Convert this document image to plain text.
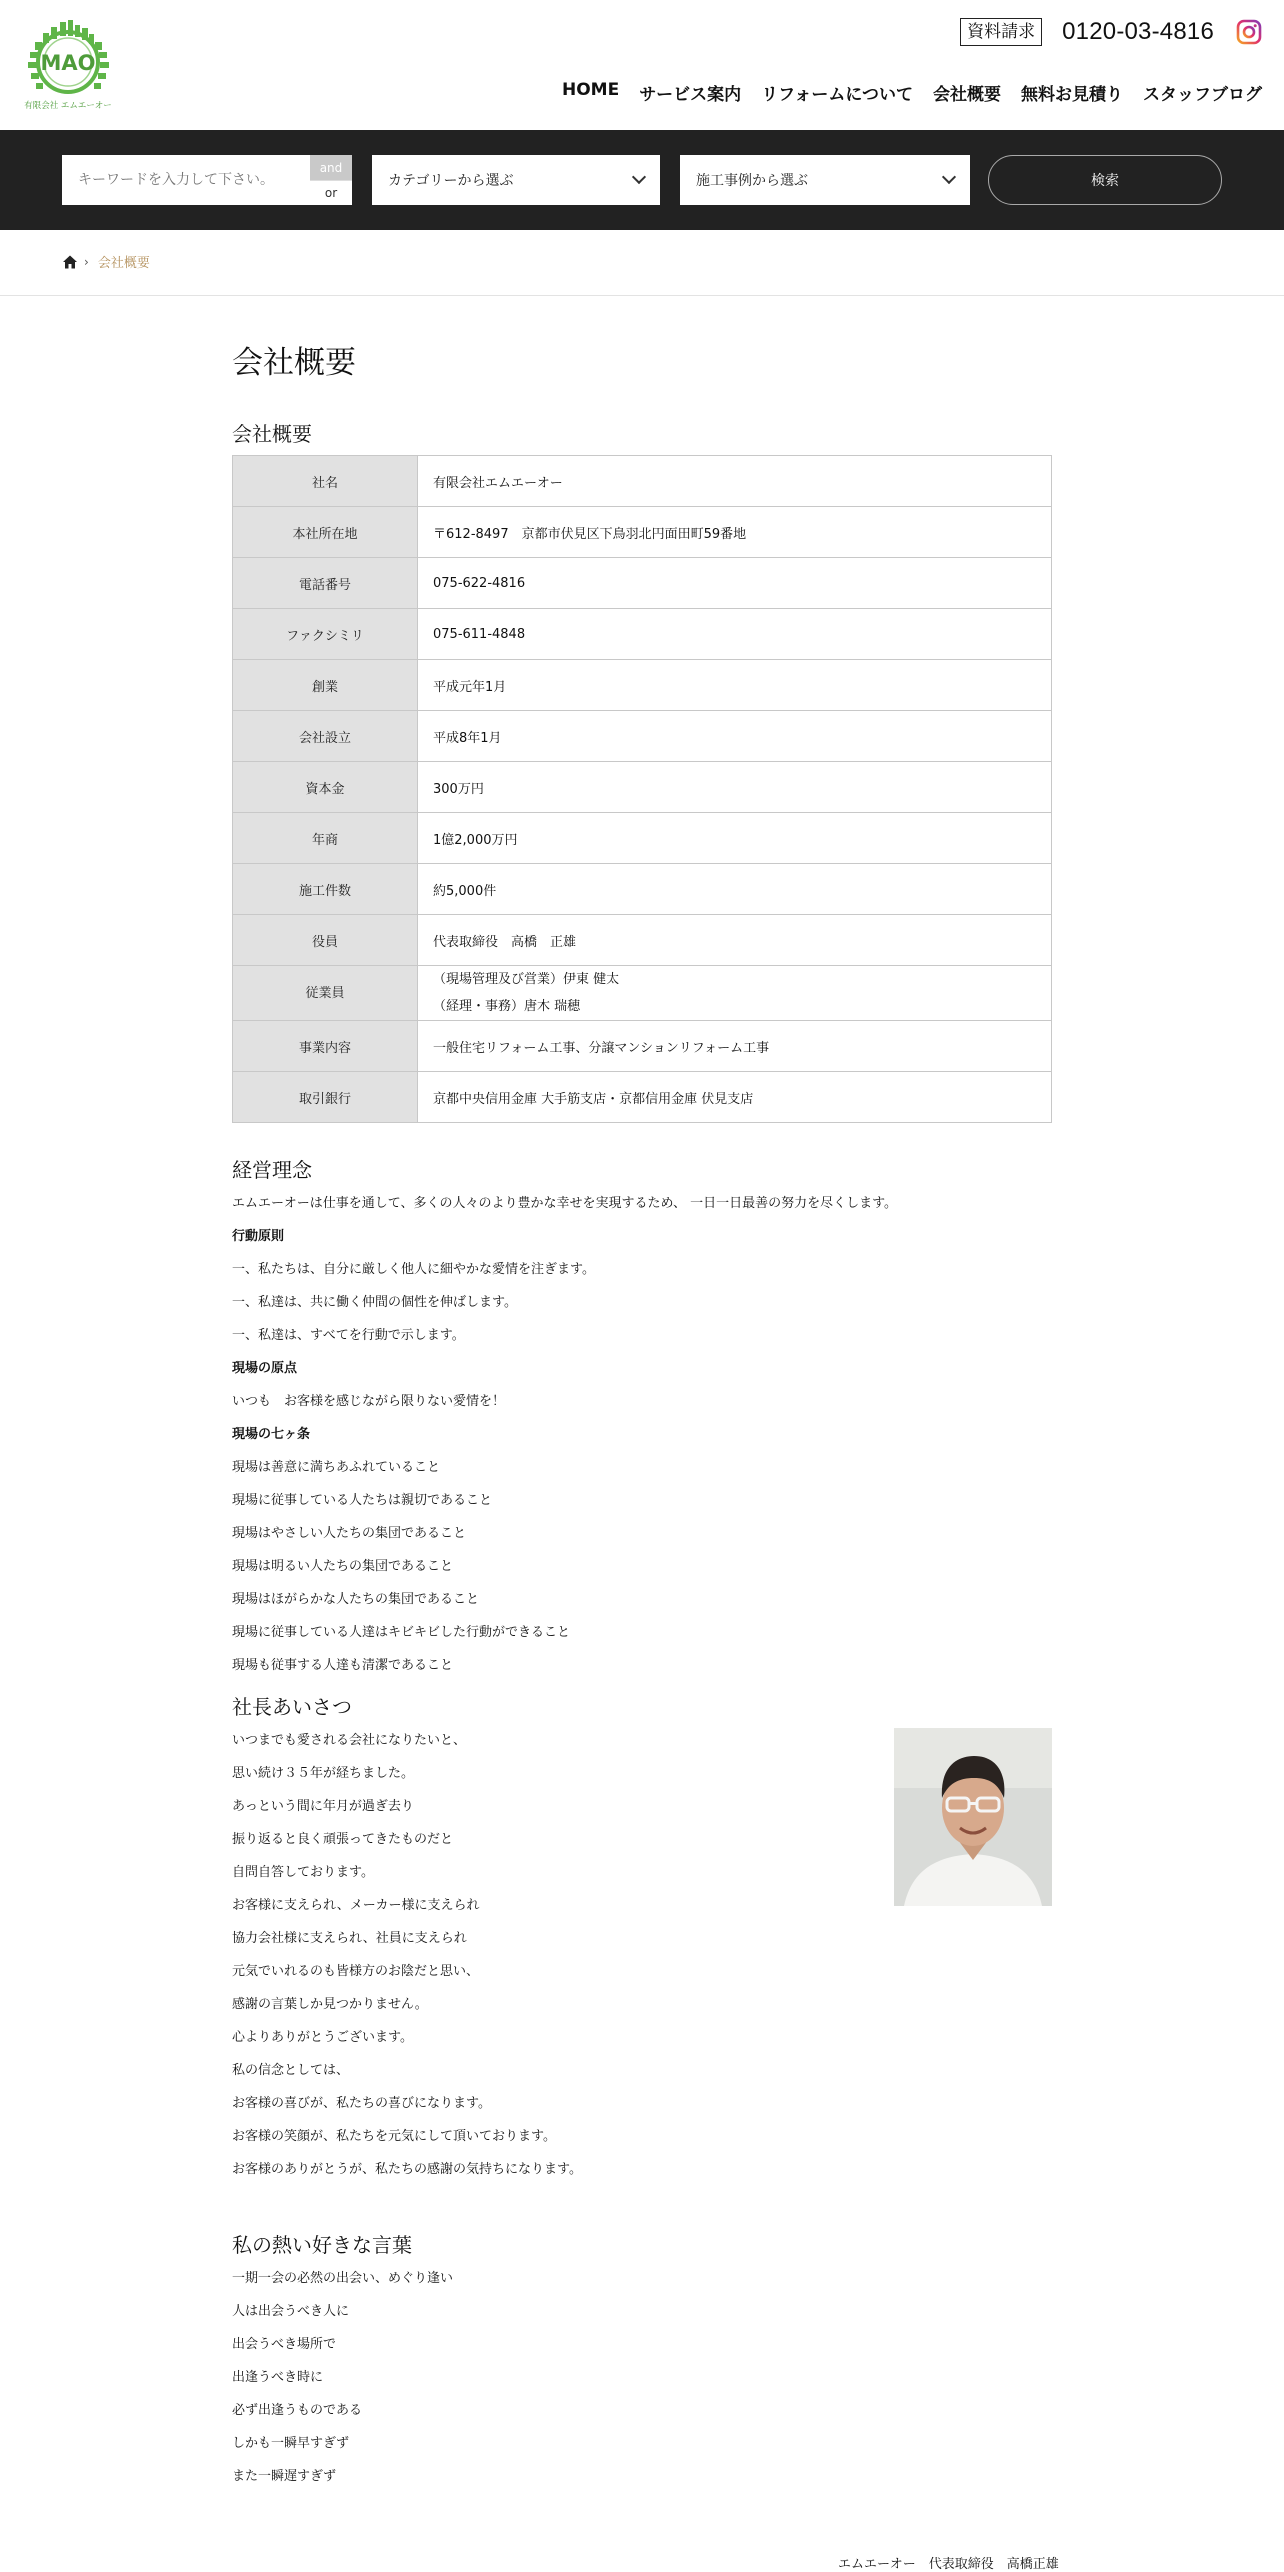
MAO
有限会社 エムエーオー
資料請求 0120-03-4816
HOME サービス案内 リフォームについて 会社概要 無料お見積り スタッフブログ
キーワードを入力して下さい。
and
or
カテゴリーから選ぶ	施工事例から選ぶ	検索
› 会社概要
会社概要
会社概要
社名	有限会社エムエーオー
本社所在地	〒612-8497　京都市伏見区下鳥羽北円面田町59番地
電話番号	075-622-4816
ファクシミリ	075-611-4848
創業	平成元年1月
会社設立	平成8年1月
資本金	300万円
年商	1億2,000万円
施工件数	約5,000件
役員	代表取締役　高橋　正雄
従業員	（現場管理及び営業）伊東 健太
（経理・事務）唐木 瑞穂

事業内容	一般住宅リフォーム工事、分譲マンションリフォーム工事
取引銀行	京都中央信用金庫 大手筋支店・京都信用金庫 伏見支店
経営理念

エムエーオーは仕事を通して、多くの人々のより豊かな幸せを実現するため、 一日一日最善の努力を尽くします。

行動原則

一、私たちは、自分に厳しく他人に細やかな愛情を注ぎます。

一、私達は、共に働く仲間の個性を伸ばします。

一、私達は、すべてを行動で示します。

現場の原点

いつも　お客様を感じながら限りない愛情を！

現場の七ヶ条

現場は善意に満ちあふれていること

現場に従事している人たちは親切であること

現場はやさしい人たちの集団であること

現場は明るい人たちの集団であること

現場はほがらかな人たちの集団であること

現場に従事している人達はキビキビした行動ができること

現場も従事する人達も清潔であること

社長あいさつ

いつまでも愛される会社になりたいと、

思い続け３５年が経ちました。

あっという間に年月が過ぎ去り

振り返ると良く頑張ってきたものだと

自問自答しております。

お客様に支えられ、メーカー様に支えられ

協力会社様に支えられ、社員に支えられ

元気でいれるのも皆様方のお陰だと思い、

感謝の言葉しか見つかりません。

心よりありがとうございます。

私の信念としては、

お客様の喜びが、私たちの喜びになります。

お客様の笑顔が、私たちを元気にして頂いております。

お客様のありがとうが、私たちの感謝の気持ちになります。

私の熱い好きな言葉

一期一会の必然の出会い、めぐり逢い

人は出会うべき人に

出会うべき場所で

出逢うべき時に

必ず出逢うものである

しかも一瞬早すぎず

また一瞬遅すぎず

エムエーオー　代表取締役　高橋正雄
